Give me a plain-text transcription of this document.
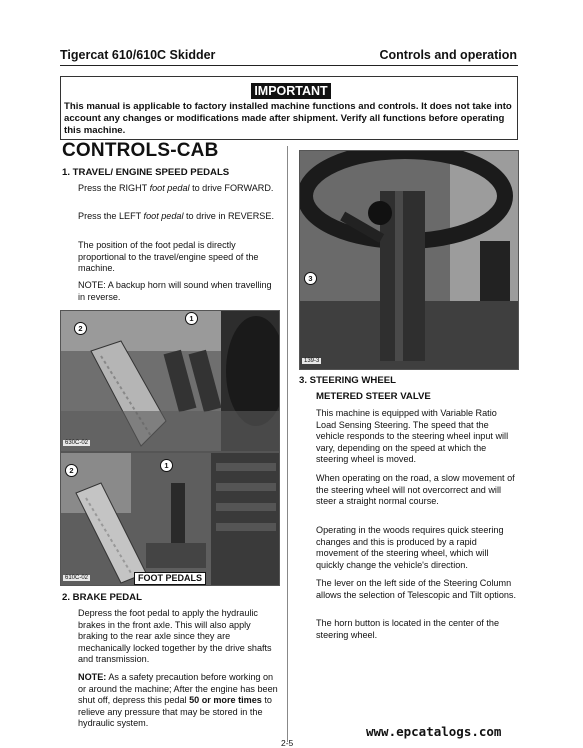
Tigercat 610/610C Skidder	Controls and operation
IMPORTANT
This manual is applicable to factory installed machine functions and controls. It does not take into account any changes or modifications made after shipment. Verify all functions before operating this machine.
CONTROLS-CAB
1. TRAVEL/ ENGINE SPEED PEDALS
Press the RIGHT foot pedal to drive FORWARD.
Press the LEFT foot pedal to drive in REVERSE.
The position of the foot pedal is directly proportional to the travel/engine speed of the machine.
NOTE: A backup horn will sound when travelling in reverse.
2
1
630C-02
2
1
610C-02	FOOT PEDALS
2. BRAKE PEDAL
Depress the foot pedal to apply the hydraulic brakes in the front axle. This will also apply braking to the rear axle since they are mechanically locked together by the drive shafts and transmission.
NOTE: As a safety precaution before working on or around the machine; After the engine has been shut off, depress this pedal 50 or more times to relieve any pressure that may be stored in the hydraulic system.
3
139-3
3. STEERING WHEEL
METERED STEER VALVE
This machine is equipped with Variable Ratio Load Sensing Steering. The speed that the vehicle responds to the steering wheel input will vary, depending on the speed at which the steering wheel is moved.
When operating on the road, a slow movement of the steering wheel will not overcorrect and will steer a straight normal course.
Operating in the woods requires quick steering changes and this is produced by a rapid movement of the steering wheel, which will quickly change the vehicle's direction.
The lever on the left side of the Steering Column allows the selection of Telescopic and Tilt options.
The horn button is located in the center of the steering wheel.
www.epcatalogs.com
2-5
